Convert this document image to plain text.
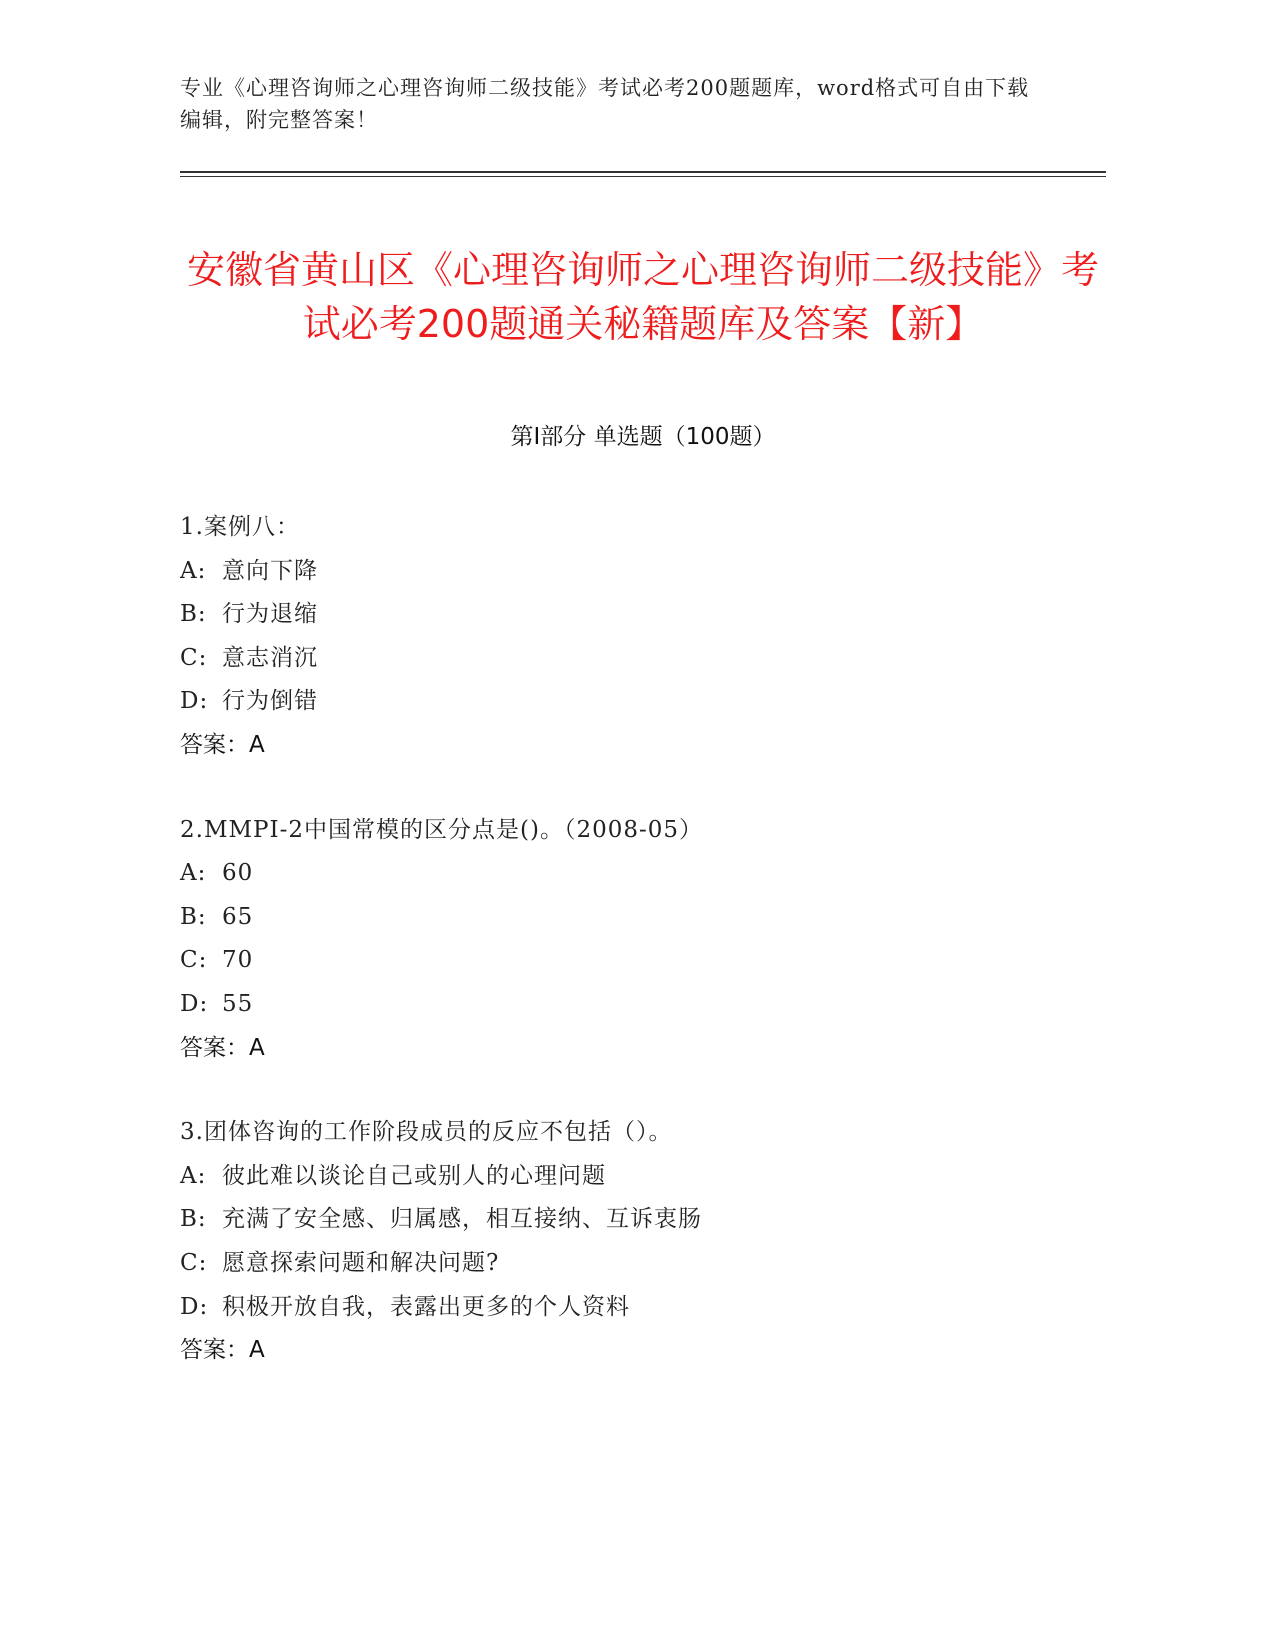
专业《心理咨询师之心理咨询师二级技能》考试必考200题题库，word格式可自由下载编辑，附完整答案！
安徽省黄山区《心理咨询师之心理咨询师二级技能》考试必考200题通关秘籍题库及答案【新】
第I部分 单选题（100题）
1.案例八：
A: 意向下降
B: 行为退缩
C: 意志消沉
D: 行为倒错
答案：A
2.MMPI-2中国常模的区分点是()。（2008-05）
A: 60
B: 65
C: 70
D: 55
答案：A
3.团体咨询的工作阶段成员的反应不包括（）。
A: 彼此难以谈论自己或别人的心理问题
B: 充满了安全感、归属感，相互接纳、互诉衷肠
C: 愿意探索问题和解决问题?
D: 积极开放自我，表露出更多的个人资料
答案：A
